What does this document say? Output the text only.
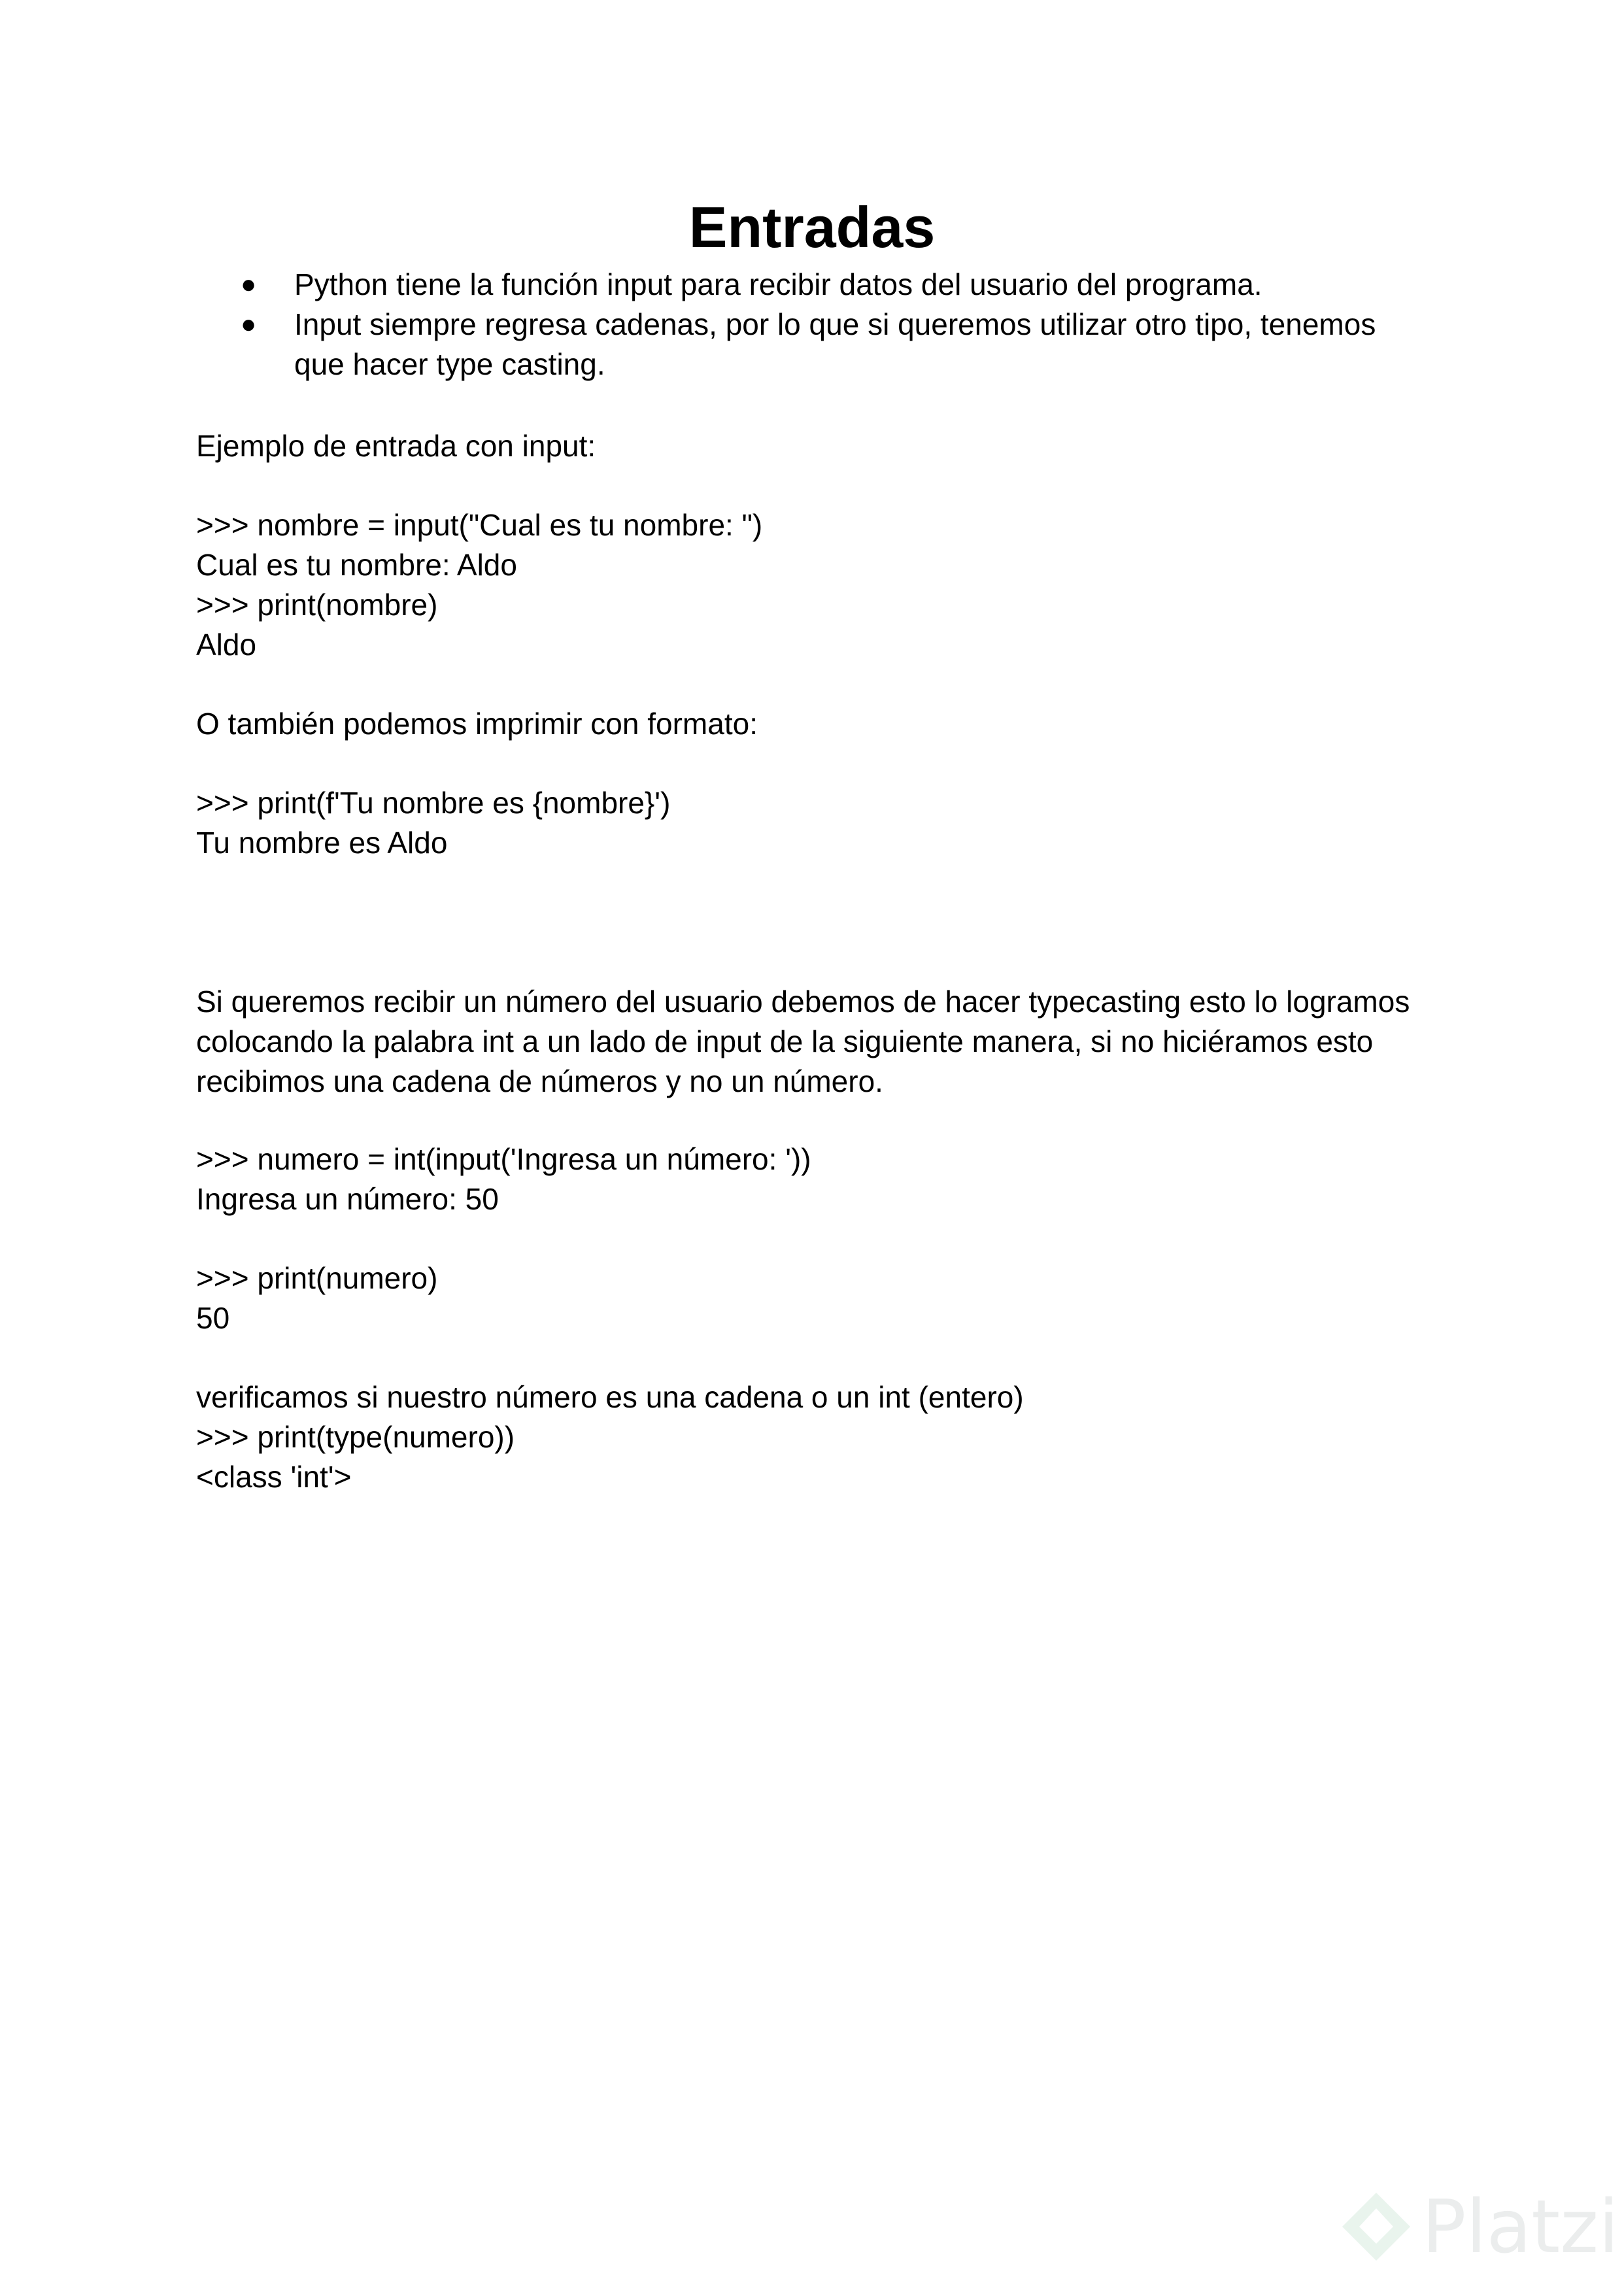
Entradas
● Python tiene la función input para recibir datos del usuario del programa.
● Input siempre regresa cadenas, por lo que si queremos utilizar otro tipo, tenemos que hacer type casting.
Ejemplo de entrada con input:
>>> nombre = input("Cual es tu nombre: ")
Cual es tu nombre: Aldo
>>> print(nombre)
Aldo
O también podemos imprimir con formato:
>>> print(f'Tu nombre es {nombre}')
Tu nombre es Aldo
Si queremos recibir un número del usuario debemos de hacer typecasting esto lo logramos colocando la palabra int a un lado de input de la siguiente manera, si no hiciéramos esto recibimos una cadena de números y no un número.
>>> numero = int(input('Ingresa un número: '))
Ingresa un número: 50
>>> print(numero)
50
verificamos si nuestro número es una cadena o un int (entero)
>>> print(type(numero))
<class 'int'>
Platzi
